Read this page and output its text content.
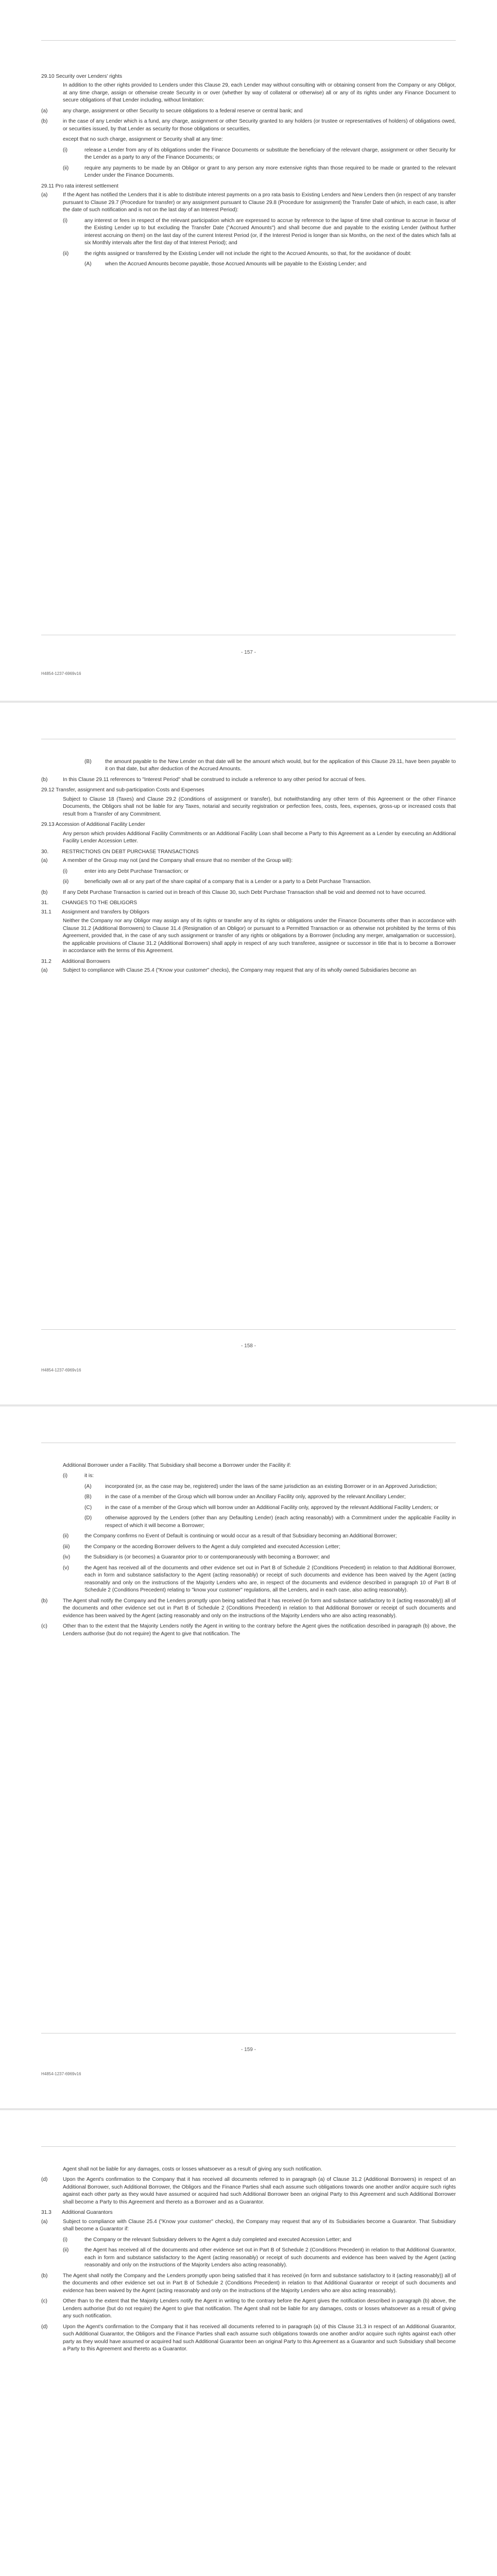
29.10 Security over Lenders' rights

In addition to the other rights provided to Lenders under this Clause 29, each Lender may without consulting with or obtaining consent from the Company or any Obligor, at any time charge, assign or otherwise create Security in or over (whether by way of collateral or otherwise) all or any of its rights under any Finance Document to secure obligations of that Lender including, without limitation:

(a)	any charge, assignment or other Security to secure obligations to a federal reserve or central bank; and
(b)	in the case of any Lender which is a fund, any charge, assignment or other Security granted to any holders (or trustee or representatives of holders) of obligations owed, or securities issued, by that Lender as security for those obligations or securities,

except that no such charge, assignment or Security shall at any time:

(i)	release a Lender from any of its obligations under the Finance Documents or substitute the beneficiary of the relevant charge, assignment or other Security for the Lender as a party to any of the Finance Documents; or
(ii)	require any payments to be made by an Obligor or grant to any person any more extensive rights than those required to be made or granted to the relevant Lender under the Finance Documents.
29.11 Pro rata interest settlement
(a)	If the Agent has notified the Lenders that it is able to distribute interest payments on a pro rata basis to Existing Lenders and New Lenders then (in respect of any transfer pursuant to Clause 29.7 (Procedure for transfer) or any assignment pursuant to Clause 29.8 (Procedure for assignment) the Transfer Date of which, in each case, is after the date of such notification and is not on the last day of an Interest Period):
(i)	any interest or fees in respect of the relevant participation which are expressed to accrue by reference to the lapse of time shall continue to accrue in favour of the Existing Lender up to but excluding the Transfer Date ("Accrued Amounts") and shall become due and payable to the existing Lender (without further interest accruing on them) on the last day of the current Interest Period (or, if the Interest Period is longer than six Months, on the next of the dates which falls at six Monthly intervals after the first day of that Interest Period); and
(ii)	the rights assigned or transferred by the Existing Lender will not include the right to the Accrued Amounts, so that, for the avoidance of doubt:
(A)	when the Accrued Amounts become payable, those Accrued Amounts will be payable to the Existing Lender; and
- 157 -
H4854-1237-6969v16
(B)	the amount payable to the New Lender on that date will be the amount which would, but for the application of this Clause 29.11, have been payable to it on that date, but after deduction of the Accrued Amounts.
(b)	In this Clause 29.11 references to "Interest Period" shall be construed to include a reference to any other period for accrual of fees.
29.12 Transfer, assignment and sub-participation Costs and Expenses

Subject to Clause 18 (Taxes) and Clause 29.2 (Conditions of assignment or transfer), but notwithstanding any other term of this Agreement or the other Finance Documents, the Obligors shall not be liable for any Taxes, notarial and security registration or perfection fees, costs, fees, expenses, gross-up or increased costs that result from a Transfer of any Commitment.

29.13 Accession of Additional Facility Lender

Any person which provides Additional Facility Commitments or an Additional Facility Loan shall become a Party to this Agreement as a Lender by executing an Additional Facility Lender Accession Letter.

30.	RESTRICTIONS ON DEBT PURCHASE TRANSACTIONS
(a)	A member of the Group may not (and the Company shall ensure that no member of the Group will):
(i)	enter into any Debt Purchase Transaction; or
(ii)	beneficially own all or any part of the share capital of a company that is a Lender or a party to a Debt Purchase Transaction.
(b)	If any Debt Purchase Transaction is carried out in breach of this Clause 30, such Debt Purchase Transaction shall be void and deemed not to have occurred.
31.	CHANGES TO THE OBLIGORS
31.1 Assignment and transfers by Obligors

Neither the Company nor any Obligor may assign any of its rights or transfer any of its rights or obligations under the Finance Documents other than in accordance with Clause 31.2 (Additional Borrowers) to Clause 31.4 (Resignation of an Obligor) or pursuant to a Permitted Transaction or as otherwise not prohibited by the terms of this Agreement, provided that, in the case of any such assignment or transfer of any rights or obligations by a Borrower (including any merger, amalgamation or succession), the applicable provisions of Clause 31.2 (Additional Borrowers) shall apply in respect of any such transferee, assignee or successor in title that is to become a Borrower in accordance with the terms of this Agreement.

31.2 Additional Borrowers
(a)	Subject to compliance with Clause 25.4 ("Know your customer" checks), the Company may request that any of its wholly owned Subsidiaries become an
- 158 -
H4854-1237-6969v16

Additional Borrower under a Facility. That Subsidiary shall become a Borrower under the Facility if:

(i)	it is:
(A)	incorporated (or, as the case may be, registered) under the laws of the same jurisdiction as an existing Borrower or in an Approved Jurisdiction;
(B)	in the case of a member of the Group which will borrow under an Ancillary Facility only, approved by the relevant Ancillary Lender;
(C)	in the case of a member of the Group which will borrow under an Additional Facility only, approved by the relevant Additional Facility Lenders; or
(D)	otherwise approved by the Lenders (other than any Defaulting Lender) (each acting reasonably) with a Commitment under the applicable Facility in respect of which it will become a Borrower;
(ii)	the Company confirms no Event of Default is continuing or would occur as a result of that Subsidiary becoming an Additional Borrower;
(iii)	the Company or the acceding Borrower delivers to the Agent a duly completed and executed Accession Letter;
(iv)	the Subsidiary is (or becomes) a Guarantor prior to or contemporaneously with becoming a Borrower; and
(v)	the Agent has received all of the documents and other evidence set out in Part B of Schedule 2 (Conditions Precedent) in relation to that Additional Borrower, each in form and substance satisfactory to the Agent (acting reasonably) or receipt of such documents and evidence has been waived by the Agent (acting reasonably and only on the instructions of the Majority Lenders who are, in respect of the documents and evidence described in paragraph 10 of Part B of Schedule 2 (Conditions Precedent) relating to "know your customer" regulations, all the Lenders, and in each case, also acting reasonably).
(b)	The Agent shall notify the Company and the Lenders promptly upon being satisfied that it has received (in form and substance satisfactory to it (acting reasonably)) all of the documents and other evidence set out in Part B of Schedule 2 (Conditions Precedent) in relation to that Additional Borrower or receipt of such documents and evidence has been waived by the Agent (acting reasonably and only on the instructions of the Majority Lenders who are also acting reasonably).
(c)	Other than to the extent that the Majority Lenders notify the Agent in writing to the contrary before the Agent gives the notification described in paragraph (b) above, the Lenders authorise (but do not require) the Agent to give that notification. The
- 159 -
H4854-1237-6969v16

Agent shall not be liable for any damages, costs or losses whatsoever as a result of giving any such notification.

(d)	Upon the Agent's confirmation to the Company that it has received all documents referred to in paragraph (a) of Clause 31.2 (Additional Borrowers) in respect of an Additional Borrower, such Additional Borrower, the Obligors and the Finance Parties shall each assume such obligations towards one another and/or acquire such rights against each other party as they would have assumed or acquired had such Additional Borrower been an original Party to this Agreement and such Additional Borrower shall become a Party to this Agreement and thereto as a Borrower and as a Guarantor.
31.3 Additional Guarantors
(a)	Subject to compliance with Clause 25.4 ("Know your customer" checks), the Company may request that any of its Subsidiaries become a Guarantor. That Subsidiary shall become a Guarantor if:
(i)	the Company or the relevant Subsidiary delivers to the Agent a duly completed and executed Accession Letter; and
(ii)	the Agent has received all of the documents and other evidence set out in Part B of Schedule 2 (Conditions Precedent) in relation to that Additional Guarantor, each in form and substance satisfactory to the Agent (acting reasonably) or receipt of such documents and evidence has been waived by the Agent (acting reasonably and only on the instructions of the Majority Lenders also acting reasonably).
(b)	The Agent shall notify the Company and the Lenders promptly upon being satisfied that it has received (in form and substance satisfactory to it (acting reasonably)) all of the documents and other evidence set out in Part B of Schedule 2 (Conditions Precedent) in relation to that Additional Guarantor or receipt of such documents and evidence has been waived by the Agent (acting reasonably and only on the instructions of the Majority Lenders who are also acting reasonably).
(c)	Other than to the extent that the Majority Lenders notify the Agent in writing to the contrary before the Agent gives the notification described in paragraph (b) above, the Lenders authorise (but do not require) the Agent to give that notification. The Agent shall not be liable for any damages, costs or losses whatsoever as a result of giving any such notification.
(d)	Upon the Agent's confirmation to the Company that it has received all documents referred to in paragraph (a) of this Clause 31.3 in respect of an Additional Guarantor, such Additional Guarantor, the Obligors and the Finance Parties shall each assume such obligations towards one another and/or acquire such rights against each other party as they would have assumed or acquired had such Additional Guarantor been an original Party to this Agreement as a Guarantor and such Subsidiary shall become a Party to this Agreement and thereto as a Guarantor.
